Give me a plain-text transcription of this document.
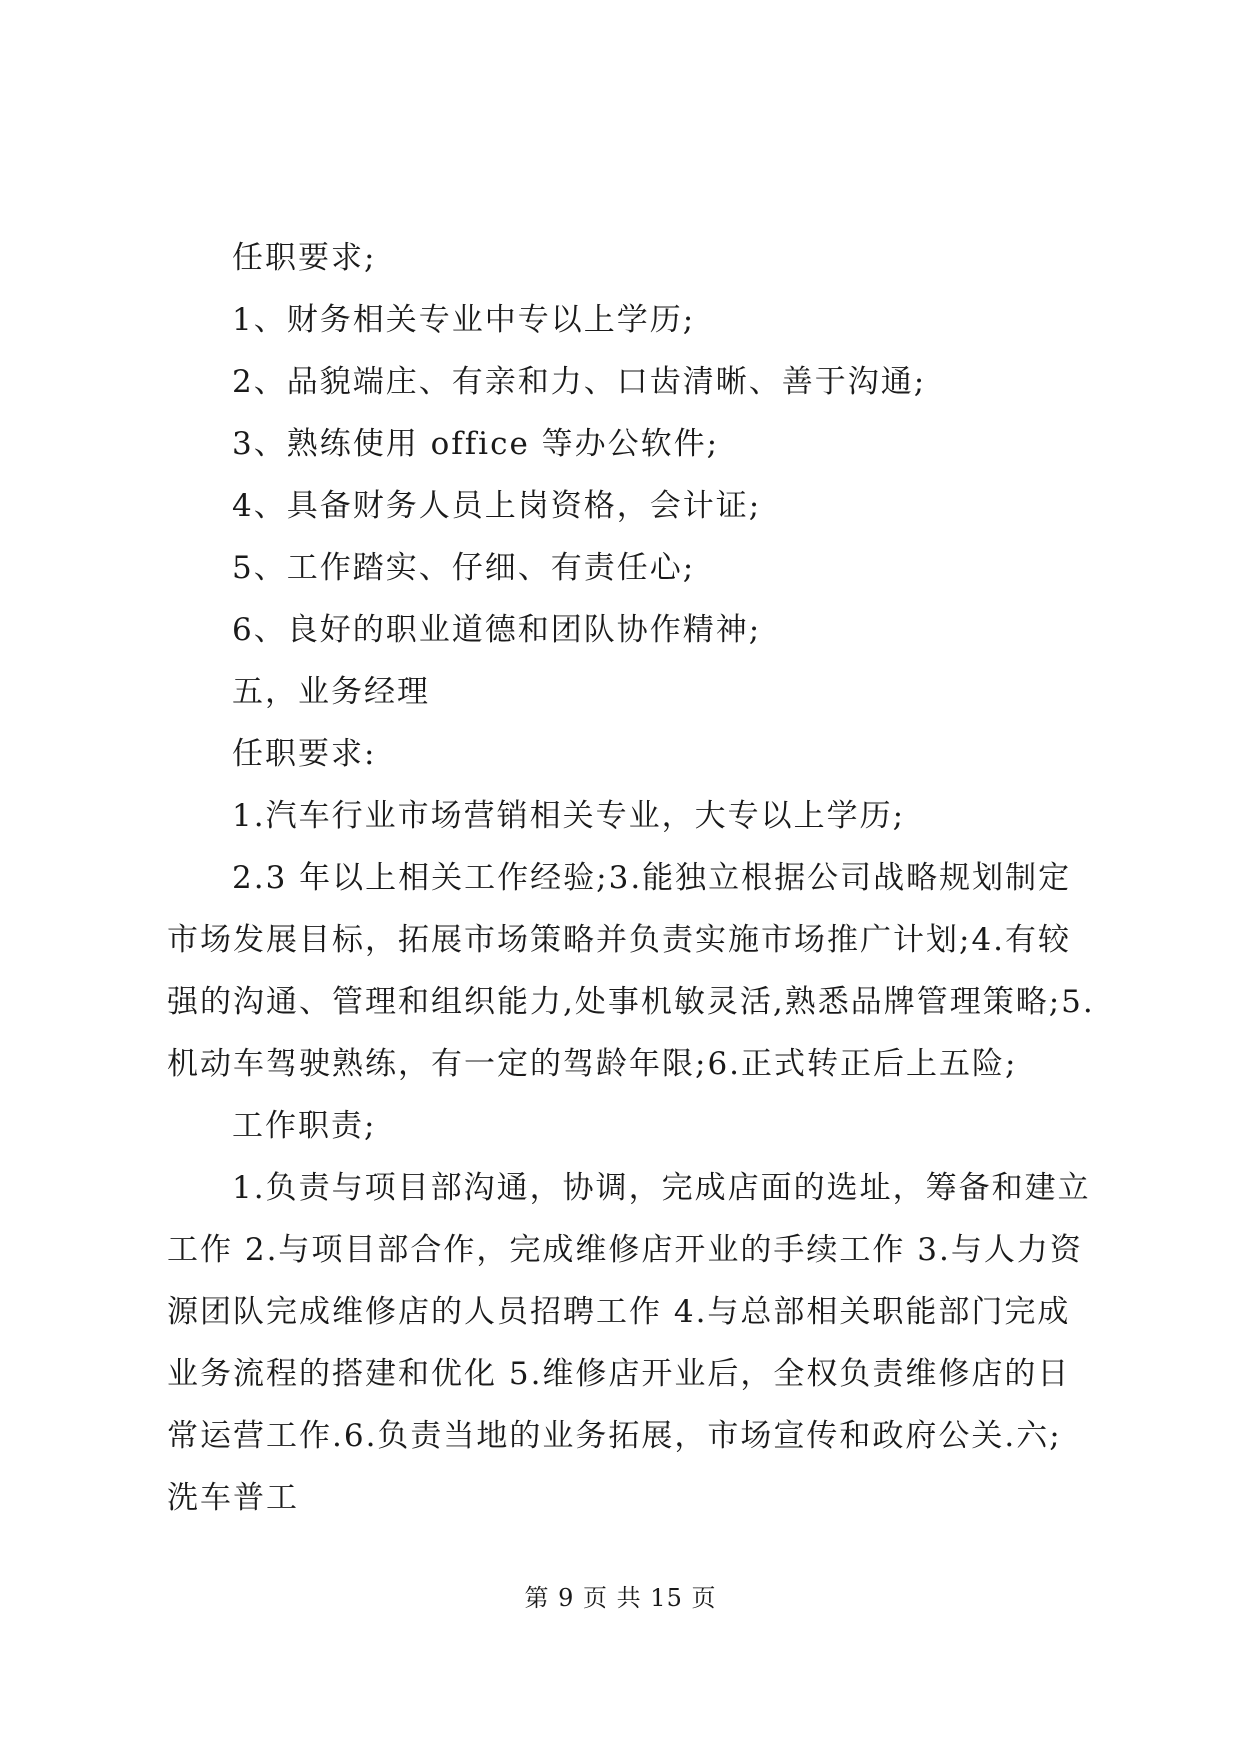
任职要求;
1、财务相关专业中专以上学历;
2、品貌端庄、有亲和力、口齿清晰、善于沟通;
3、熟练使用 office 等办公软件;
4、具备财务人员上岗资格，会计证;
5、工作踏实、仔细、有责任心;
6、良好的职业道德和团队协作精神;
五，业务经理
任职要求:
1.汽车行业市场营销相关专业，大专以上学历;
2.3 年以上相关工作经验;3.能独立根据公司战略规划制定
市场发展目标，拓展市场策略并负责实施市场推广计划;4.有较
强的沟通、管理和组织能力,处事机敏灵活,熟悉品牌管理策略;5.
机动车驾驶熟练，有一定的驾龄年限;6.正式转正后上五险;
工作职责;
1.负责与项目部沟通，协调，完成店面的选址，筹备和建立
工作 2.与项目部合作，完成维修店开业的手续工作 3.与人力资
源团队完成维修店的人员招聘工作 4.与总部相关职能部门完成
业务流程的搭建和优化 5.维修店开业后，全权负责维修店的日
常运营工作.6.负责当地的业务拓展，市场宣传和政府公关.六;
洗车普工
第 9 页 共 15 页
